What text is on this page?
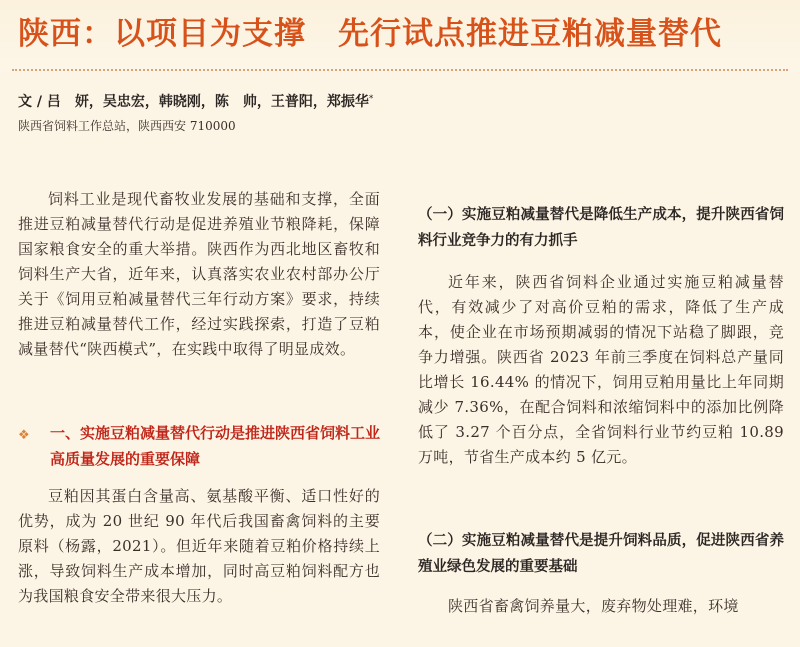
陕西：以项目为支撑　先行试点推进豆粕减量替代
文 / 吕　妍，吴忠宏，韩晓刚，陈　帅，王普阳，郑振华*
陕西省饲料工作总站，陕西西安 710000

饲料工业是现代畜牧业发展的基础和支撑，全面推进豆粕减量替代行动是促进养殖业节粮降耗，保障国家粮食安全的重大举措。陕西作为西北地区畜牧和饲料生产大省，近年来，认真落实农业农村部办公厅关于《饲用豆粕减量替代三年行动方案》要求，持续推进豆粕减量替代工作，经过实践探索，打造了豆粕减量替代“陕西模式”，在实践中取得了明显成效。

❖ 一、实施豆粕减量替代行动是推进陕西省饲料工业高质量发展的重要保障

豆粕因其蛋白含量高、氨基酸平衡、适口性好的优势，成为 20 世纪 90 年代后我国畜禽饲料的主要原料（杨露，2021）。但近年来随着豆粕价格持续上涨，导致饲料生产成本增加，同时高豆粕饲料配方也为我国粮食安全带来很大压力。

（一）实施豆粕减量替代是降低生产成本，提升陕西省饲料行业竞争力的有力抓手

近年来，陕西省饲料企业通过实施豆粕减量替代，有效减少了对高价豆粕的需求，降低了生产成本，使企业在市场预期减弱的情况下站稳了脚跟，竞争力增强。陕西省 2023 年前三季度在饲料总产量同比增长 16.44% 的情况下，饲用豆粕用量比上年同期减少 7.36%，在配合饲料和浓缩饲料中的添加比例降低了 3.27 个百分点，全省饲料行业节约豆粕 10.89 万吨，节省生产成本约 5 亿元。

（二）实施豆粕减量替代是提升饲料品质，促进陕西省养殖业绿色发展的重要基础

陕西省畜禽饲养量大，废弃物处理难，环境
